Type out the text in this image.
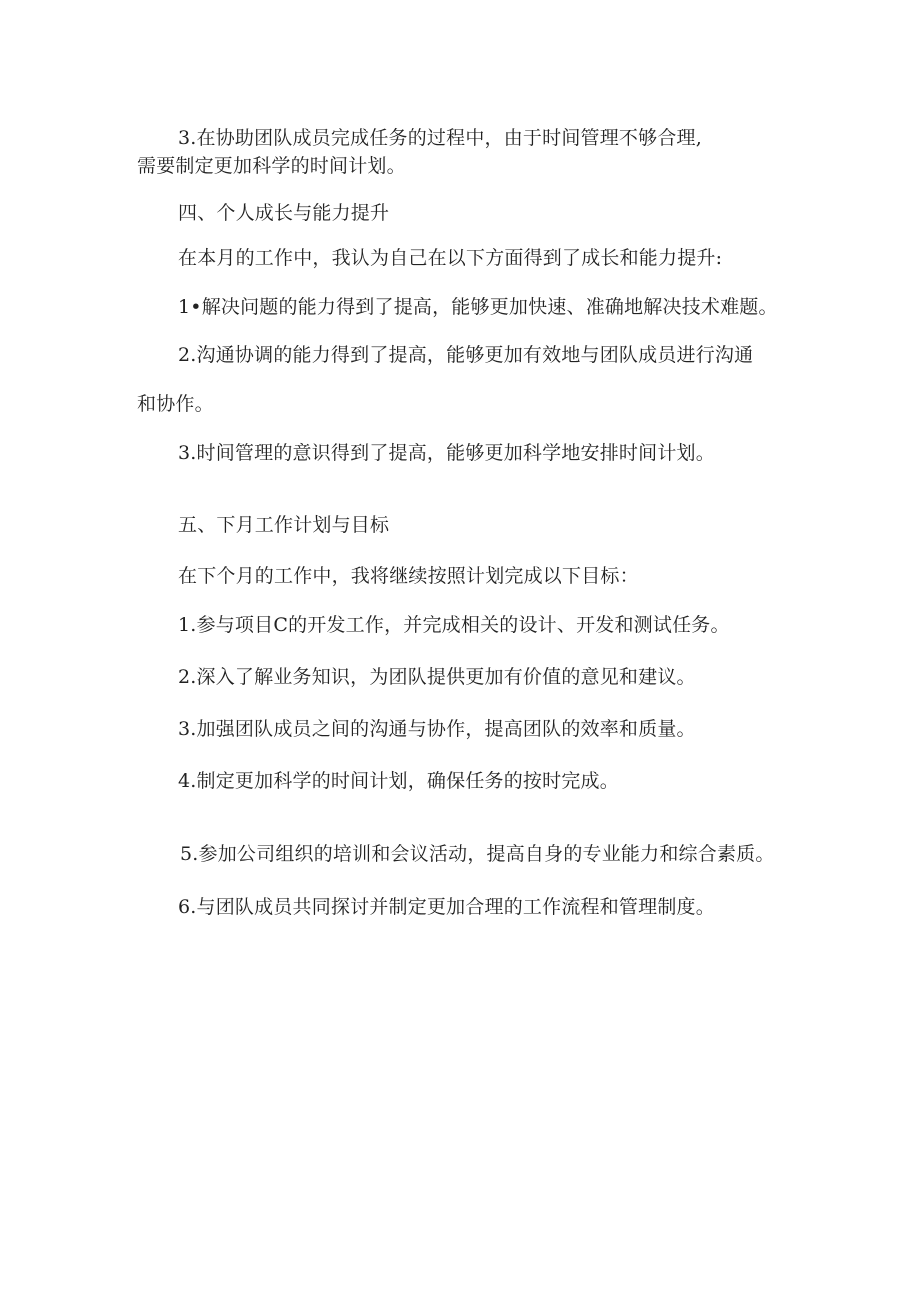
3.在协助团队成员完成任务的过程中，由于时间管理不够合理,

需要制定更加科学的时间计划。

四、个人成长与能力提升

在本月的工作中，我认为自己在以下方面得到了成长和能力提升:

1•解决问题的能力得到了提高，能够更加快速、准确地解决技术难题。

2.沟通协调的能力得到了提高，能够更加有效地与团队成员进行沟通

和协作。

3.时间管理的意识得到了提高，能够更加科学地安排时间计划。

五、下月工作计划与目标

在下个月的工作中，我将继续按照计划完成以下目标：

1.参与项目C的开发工作，并完成相关的设计、开发和测试任务。

2.深入了解业务知识，为团队提供更加有价值的意见和建议。

3.加强团队成员之间的沟通与协作，提高团队的效率和质量。

4.制定更加科学的时间计划，确保任务的按时完成。

5.参加公司组织的培训和会议活动，提高自身的专业能力和综合素质。

6.与团队成员共同探讨并制定更加合理的工作流程和管理制度。
